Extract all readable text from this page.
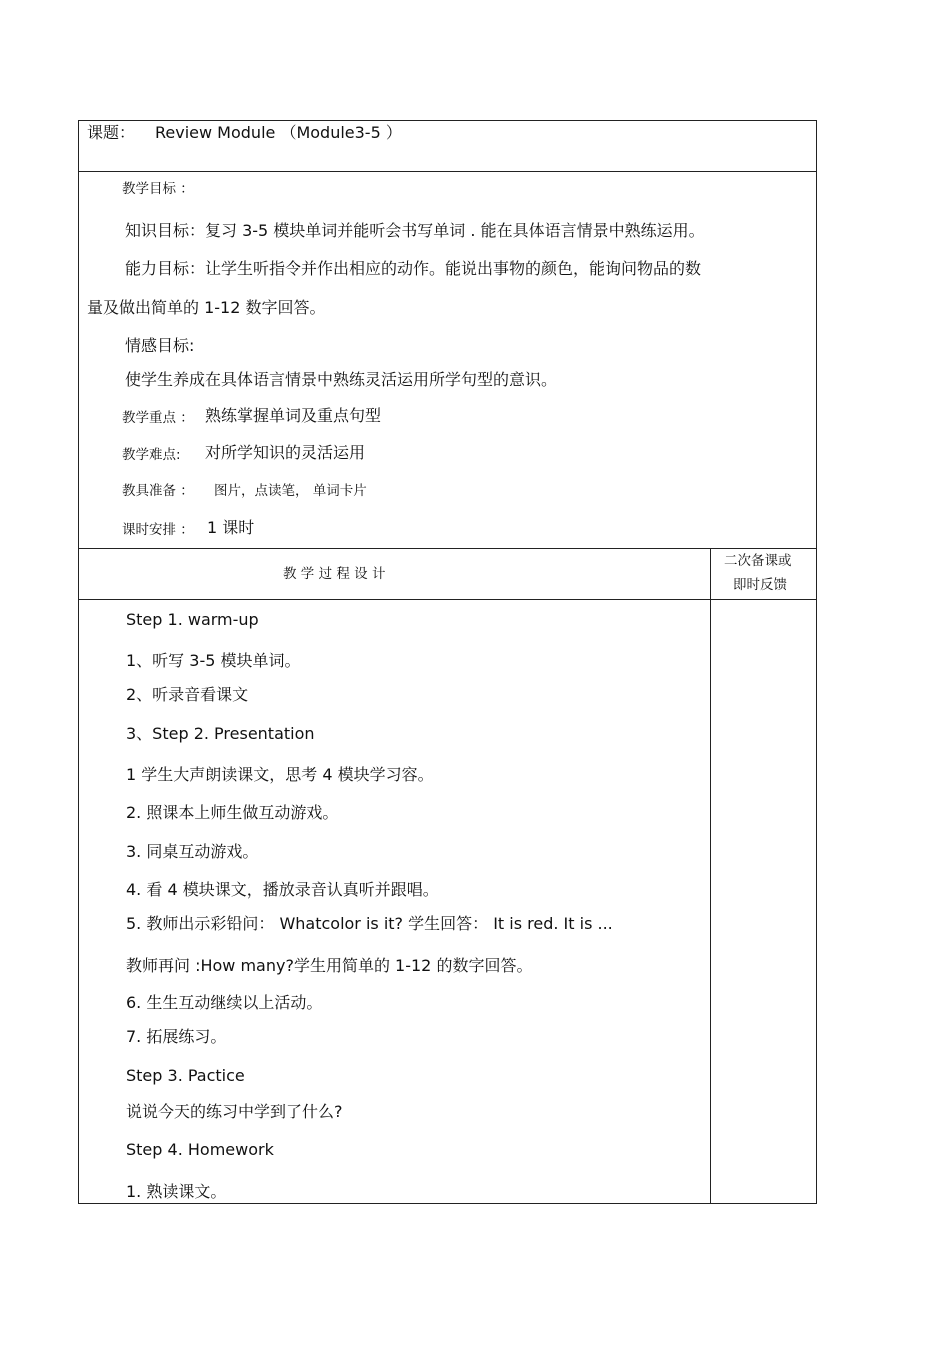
课题： Review Module （Module3-5 ）
教学目标 ：
知识目标：复习 3-5 模块单词并能听会书写单词 . 能在具体语言情景中熟练运用。
能力目标：让学生听指令并作出相应的动作。能说出事物的颜色，能询问物品的数
量及做出简单的 1-12 数字回答。
情感目标:
使学生养成在具体语言情景中熟练灵活运用所学句型的意识。
教学重点 ： 熟练掌握单词及重点句型
教学难点: 对所学知识的灵活运用
教具准备 ： 图片，点读笔， 单词卡片
课时安排 ： 1 课时
教 学 过 程 设 计
二次备课或
即时反馈
Step 1. warm-up
1、听写 3-5 模块单词。
2、听录音看课文
3、Step 2. Presentation
1 学生大声朗读课文，思考 4 模块学习容。
2. 照课本上师生做互动游戏。
3. 同桌互动游戏。
4. 看 4 模块课文，播放录音认真听并跟唱。
5. 教师出示彩铅问： Whatcolor is it? 学生回答： It is red. It is ...
教师再问 :How many?学生用简单的 1-12 的数字回答。
6. 生生互动继续以上活动。
7. 拓展练习。
Step 3. Pactice
说说今天的练习中学到了什么?
Step 4. Homework
1. 熟读课文。
